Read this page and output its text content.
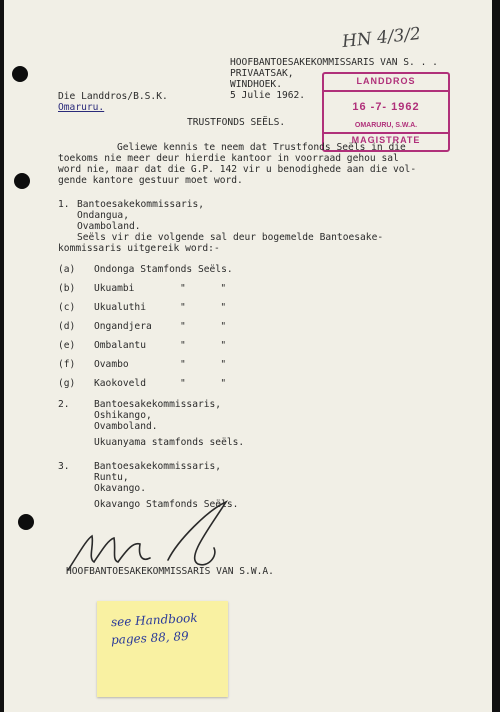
HN 4/3/2
HOOFBANTOESAKEKOMMISSARIS VAN S. . .
PRIVAATSAK,
WINDHOEK.
5 Julie 1962.
Die Landdros/B.S.K.
Omaruru.
LANDDROS
16 -7- 1962
OMARURU, S.W.A.
MAGISTRATE
TRUSTFONDS SEËLS.
Geliewe kennis te neem dat Trustfonds Seëls in die
toekoms nie meer deur hierdie kantoor in voorraad gehou sal
word nie, maar dat die G.P. 142 vir u benodighede aan die vol-
gende kantore gestuur moet word.
1. Bantoesakekommissaris,
Ondangua,
Ovamboland.
Seëls vir die volgende sal deur bogemelde Bantoesake-
kommissaris uitgereik word:-
(a) Ondonga Stamfonds Seëls.
(b) Ukuambi	"      "
(c) Ukualuthi	"      "
(d) Ongandjera	"      "
(e) Ombalantu	"      "
(f) Ovambo	"      "
(g) Kaokoveld	"      "
2.	Bantoesakekommissaris,
Oshikango,
Ovamboland.
Ukuanyama stamfonds seëls.
3.	Bantoesakekommissaris,
Runtu,
Okavango.
Okavango Stamfonds Seëls.
HOOFBANTOESAKEKOMMISSARIS VAN S.W.A.
see Handbook
pages 88, 89
